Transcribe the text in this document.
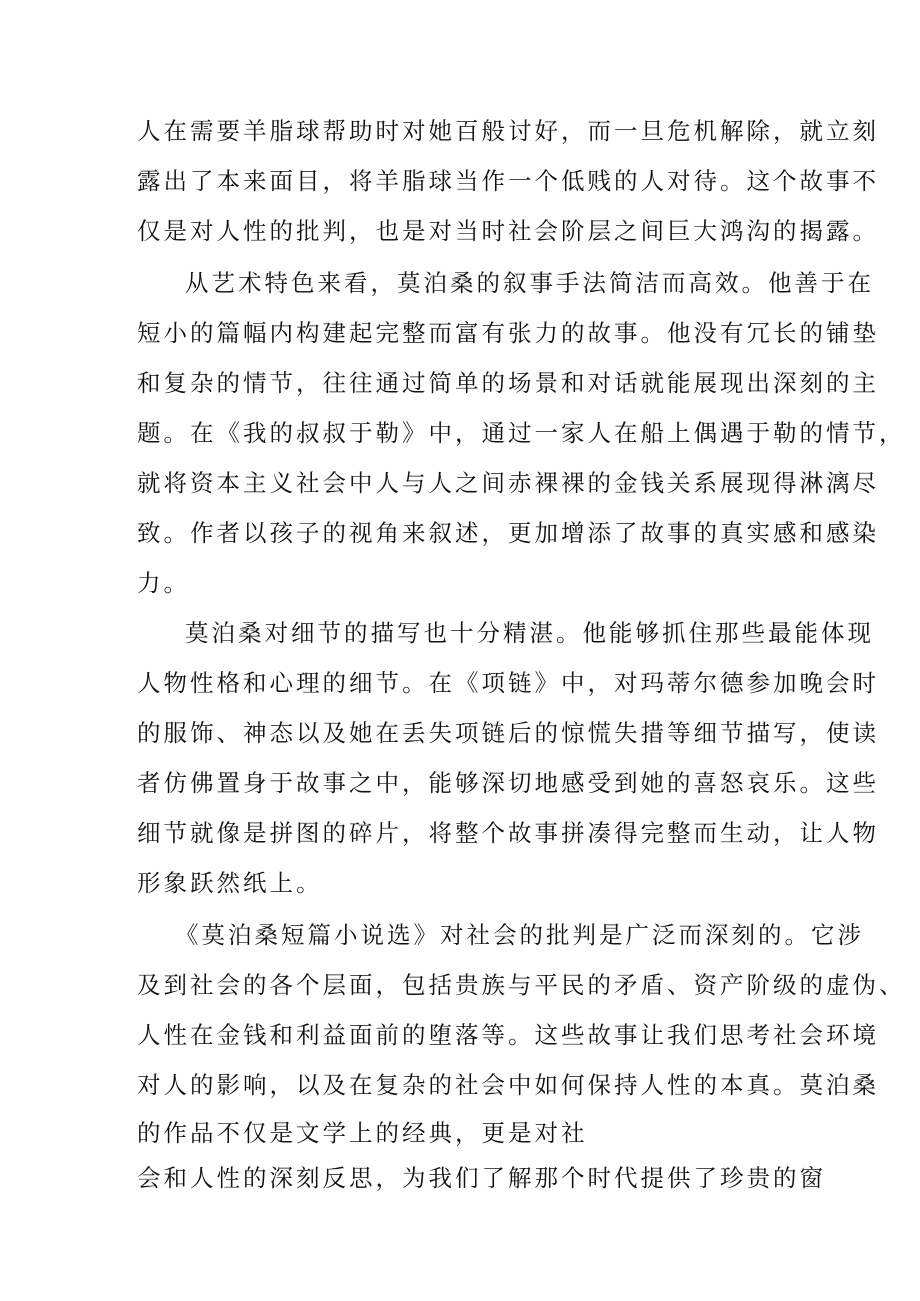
人在需要羊脂球帮助时对她百般讨好，而一旦危机解除，就立刻
露出了本来面目，将羊脂球当作一个低贱的人对待。这个故事不
仅是对人性的批判，也是对当时社会阶层之间巨大鸿沟的揭露。
从艺术特色来看，莫泊桑的叙事手法简洁而高效。他善于在
短小的篇幅内构建起完整而富有张力的故事。他没有冗长的铺垫
和复杂的情节，往往通过简单的场景和对话就能展现出深刻的主
题。在《我的叔叔于勒》中，通过一家人在船上偶遇于勒的情节，
就将资本主义社会中人与人之间赤裸裸的金钱关系展现得淋漓尽
致。作者以孩子的视角来叙述，更加增添了故事的真实感和感染
力。
莫泊桑对细节的描写也十分精湛。他能够抓住那些最能体现
人物性格和心理的细节。在《项链》中，对玛蒂尔德参加晚会时
的服饰、神态以及她在丢失项链后的惊慌失措等细节描写，使读
者仿佛置身于故事之中，能够深切地感受到她的喜怒哀乐。这些
细节就像是拼图的碎片，将整个故事拼凑得完整而生动，让人物
形象跃然纸上。
《莫泊桑短篇小说选》对社会的批判是广泛而深刻的。它涉
及到社会的各个层面，包括贵族与平民的矛盾、资产阶级的虚伪、
人性在金钱和利益面前的堕落等。这些故事让我们思考社会环境
对人的影响，以及在复杂的社会中如何保持人性的本真。莫泊桑
的作品不仅是文学上的经典，更是对社
会和人性的深刻反思，为我们了解那个时代提供了珍贵的窗
